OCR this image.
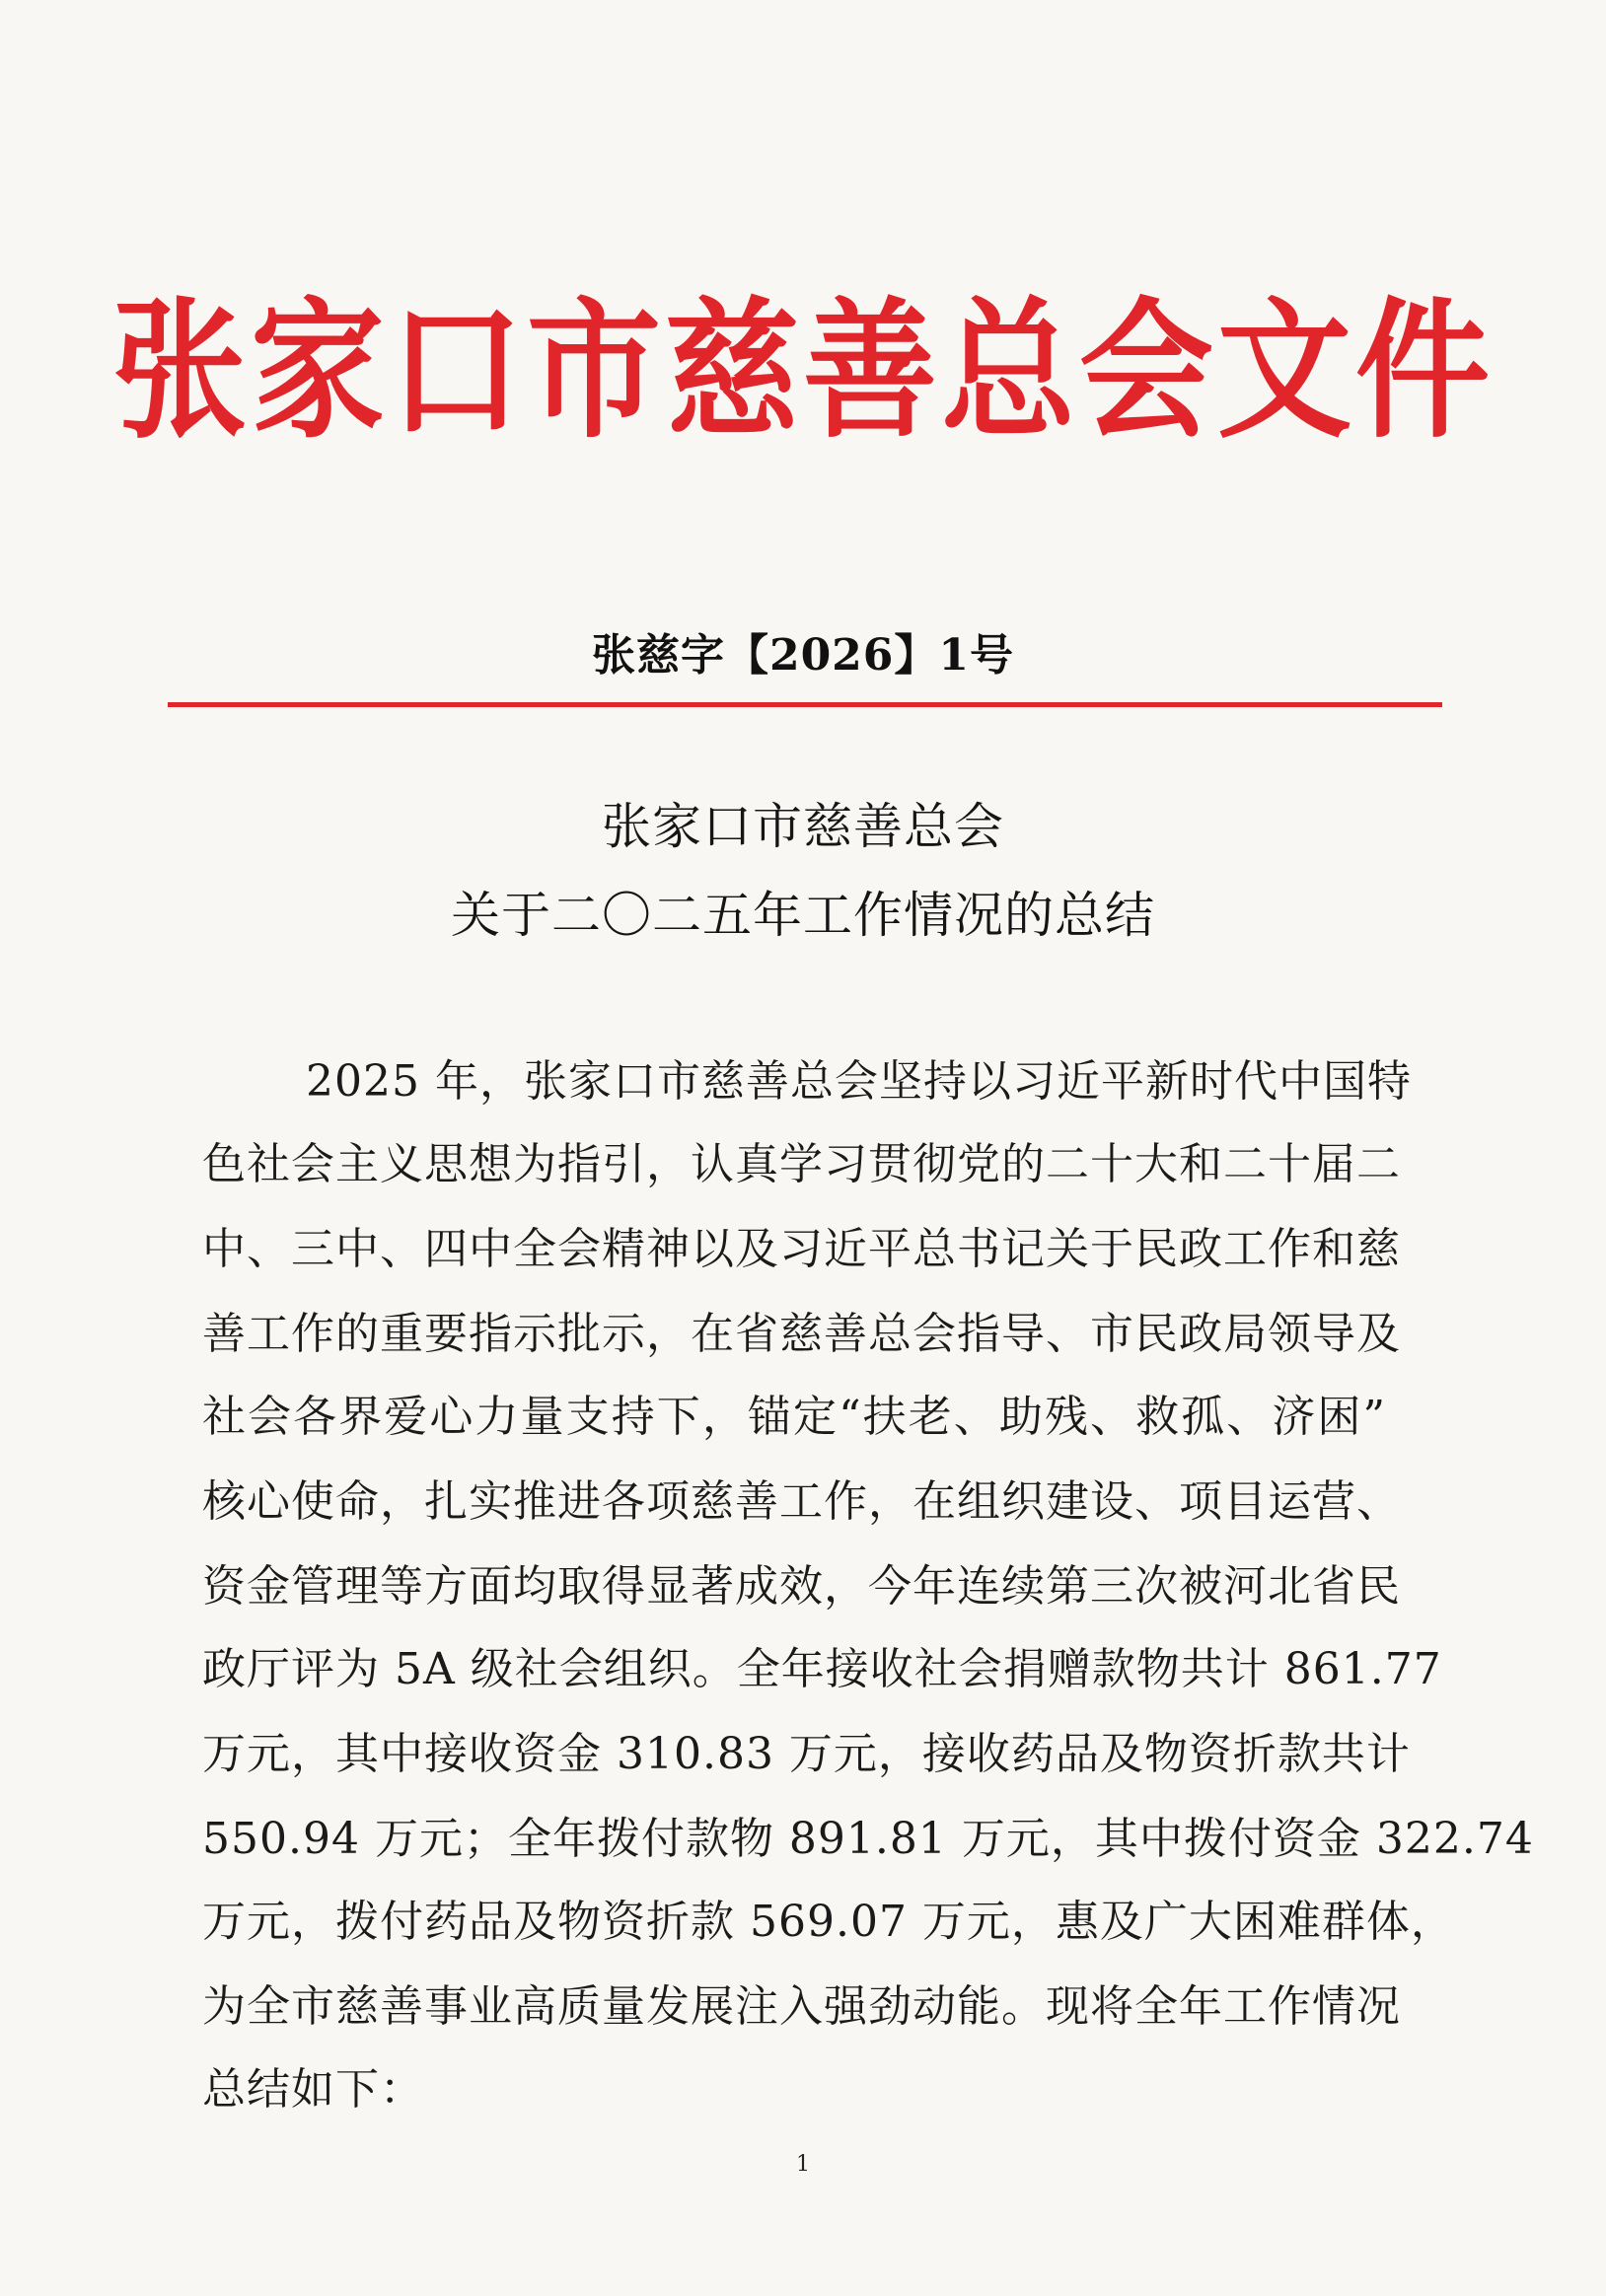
张家口市慈善总会文件
张慈字【2026】1号
张家口市慈善总会
关于二〇二五年工作情况的总结
2025 年，张家口市慈善总会坚持以习近平新时代中国特
色社会主义思想为指引，认真学习贯彻党的二十大和二十届二
中、三中、四中全会精神以及习近平总书记关于民政工作和慈
善工作的重要指示批示，在省慈善总会指导、市民政局领导及
社会各界爱心力量支持下，锚定“扶老、助残、救孤、济困”
核心使命，扎实推进各项慈善工作，在组织建设、项目运营、
资金管理等方面均取得显著成效，今年连续第三次被河北省民
政厅评为 5A 级社会组织。全年接收社会捐赠款物共计 861.77
万元，其中接收资金 310.83 万元，接收药品及物资折款共计
550.94 万元；全年拨付款物 891.81 万元，其中拨付资金 322.74
万元，拨付药品及物资折款 569.07 万元，惠及广大困难群体，
为全市慈善事业高质量发展注入强劲动能。现将全年工作情况
总结如下：
1
